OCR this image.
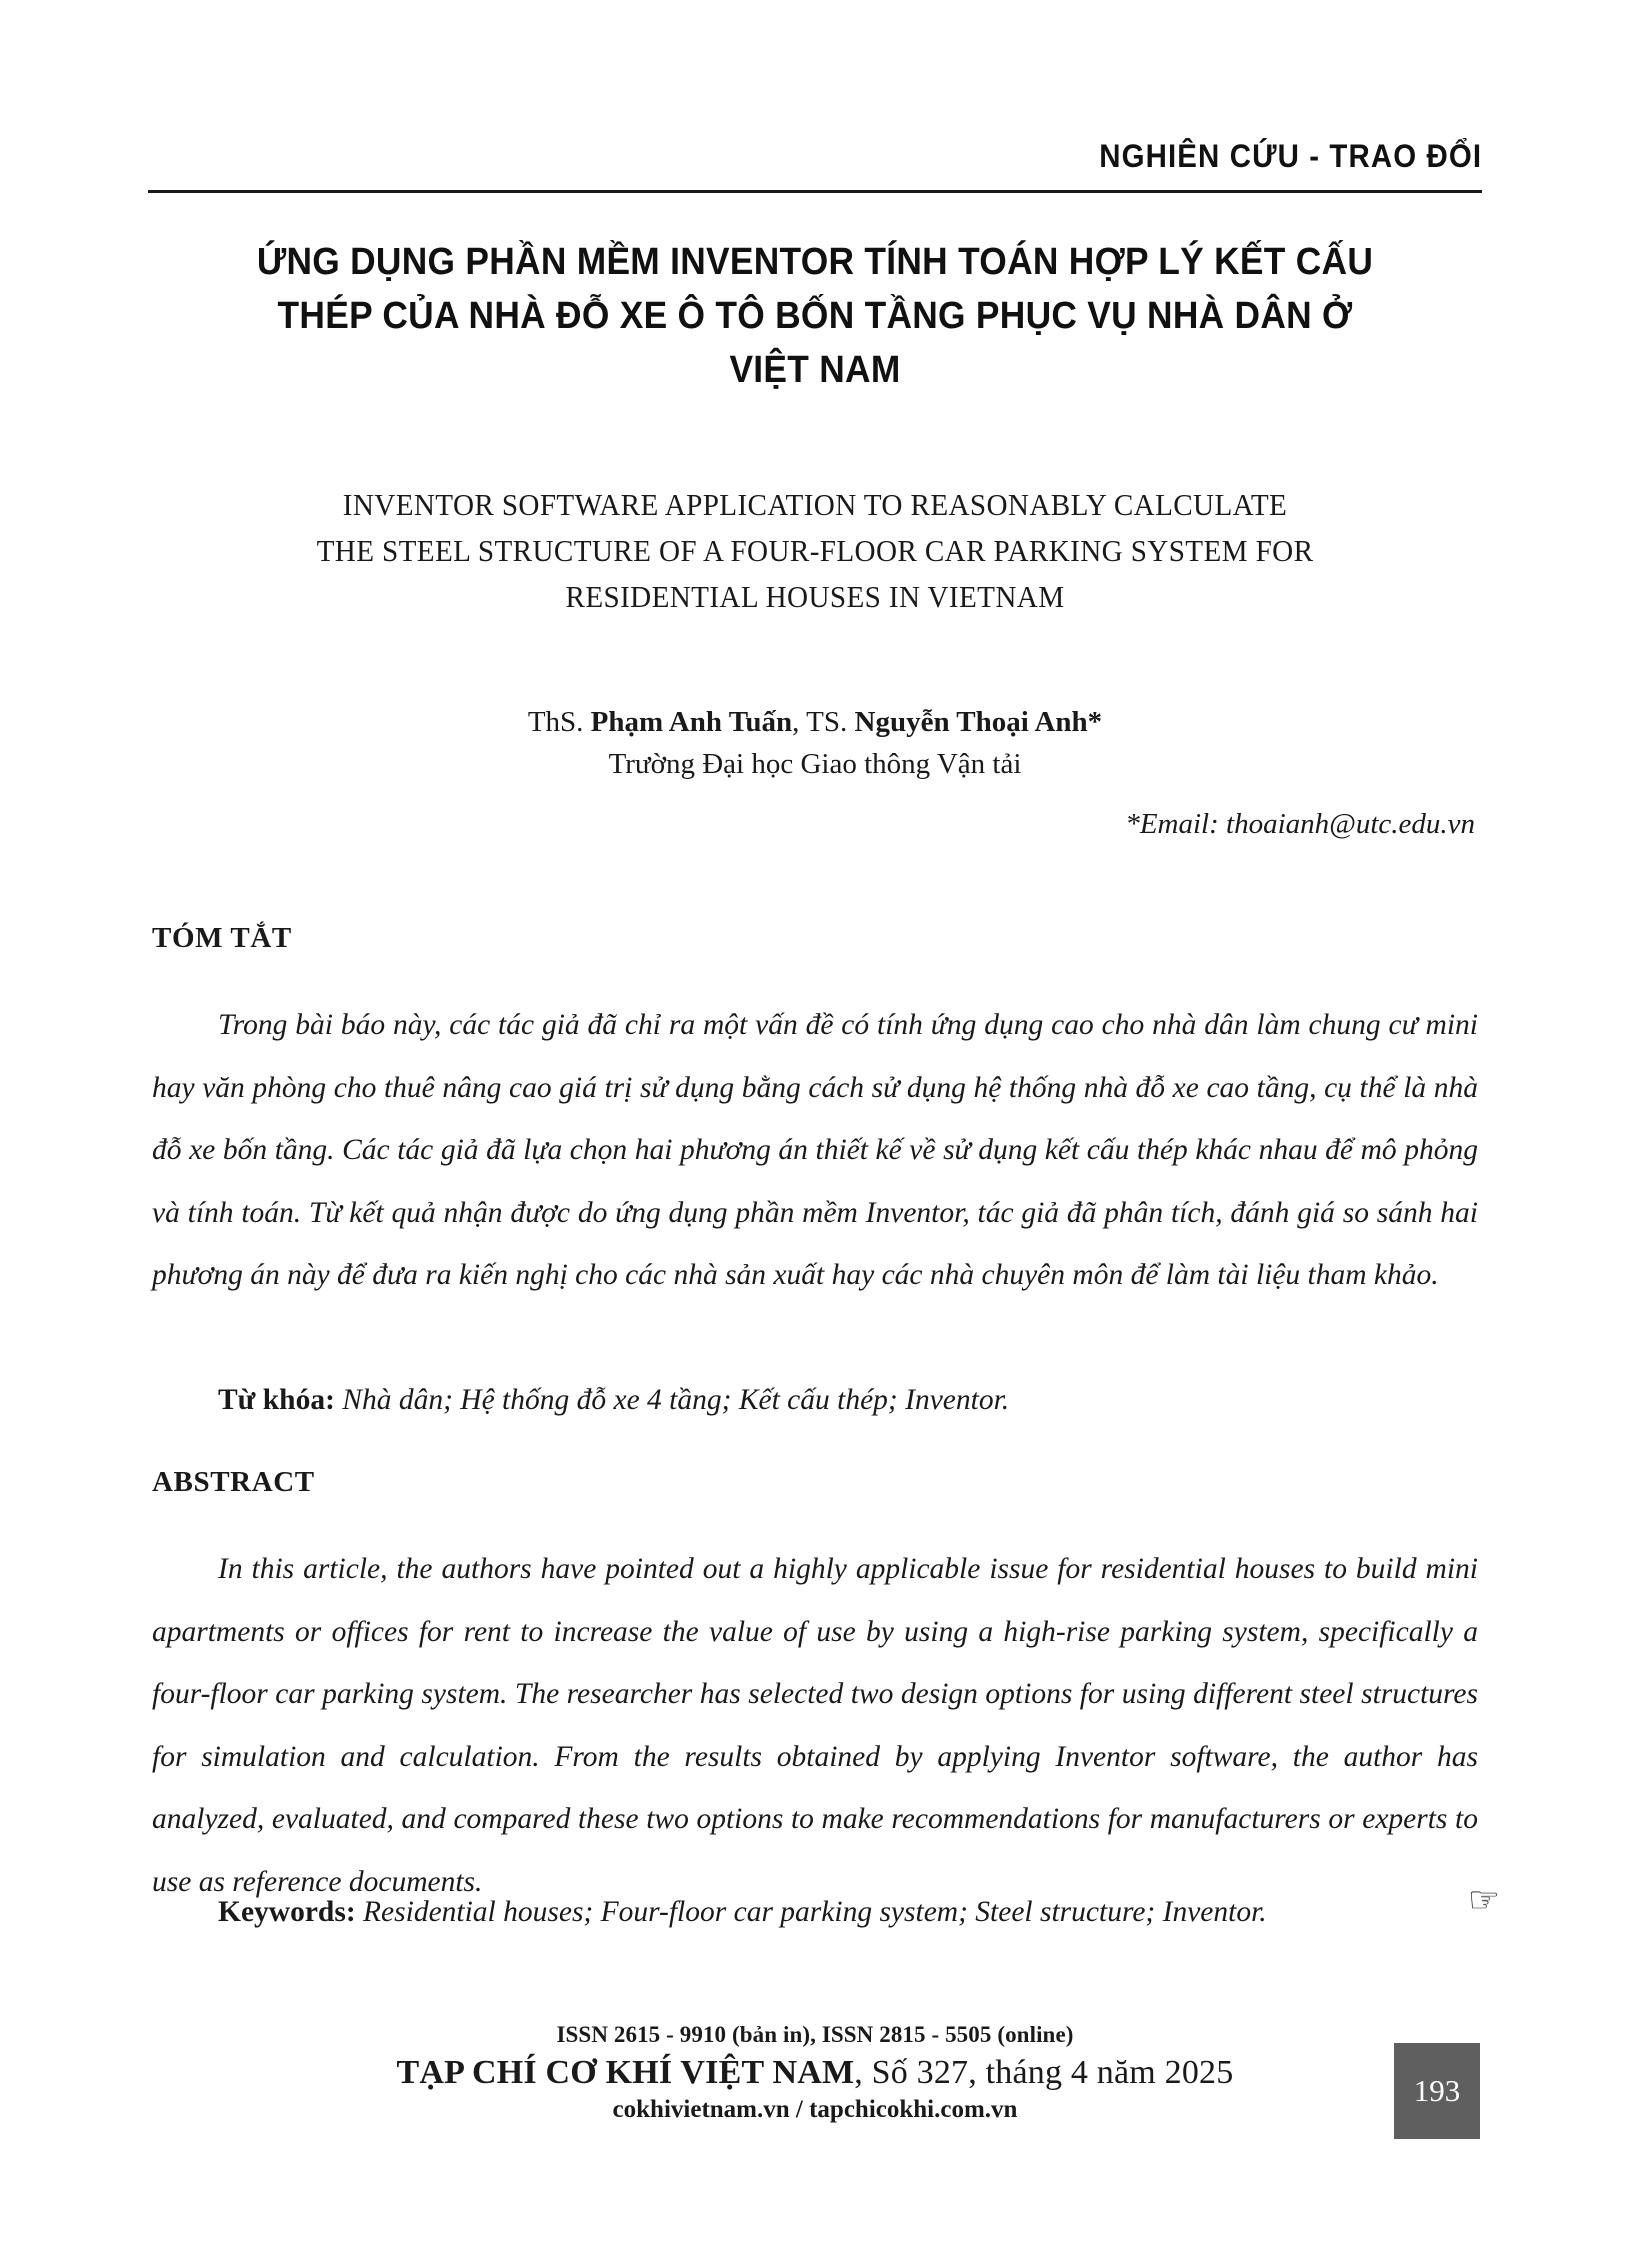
NGHIÊN CỨU - TRAO ĐỔI
ỨNG DỤNG PHẦN MỀM INVENTOR TÍNH TOÁN HỢP LÝ KẾT CẤU
THÉP CỦA NHÀ ĐỖ XE Ô TÔ BỐN TẦNG PHỤC VỤ NHÀ DÂN Ở
VIỆT NAM
INVENTOR SOFTWARE APPLICATION TO REASONABLY CALCULATE
THE STEEL STRUCTURE OF A FOUR-FLOOR CAR PARKING SYSTEM FOR
RESIDENTIAL HOUSES IN VIETNAM
ThS. Phạm Anh Tuấn, TS. Nguyễn Thoại Anh*
Trường Đại học Giao thông Vận tải
*Email: thoaianh@utc.edu.vn
TÓM TẮT
Trong bài báo này, các tác giả đã chỉ ra một vấn đề có tính ứng dụng cao cho nhà dân làm chung cư mini hay văn phòng cho thuê nâng cao giá trị sử dụng bằng cách sử dụng hệ thống nhà đỗ xe cao tầng, cụ thể là nhà đỗ xe bốn tầng. Các tác giả đã lựa chọn hai phương án thiết kế về sử dụng kết cấu thép khác nhau để mô phỏng và tính toán. Từ kết quả nhận được do ứng dụng phần mềm Inventor, tác giả đã phân tích, đánh giá so sánh hai phương án này để đưa ra kiến nghị cho các nhà sản xuất hay các nhà chuyên môn để làm tài liệu tham khảo.
Từ khóa: Nhà dân; Hệ thống đỗ xe 4 tầng; Kết cấu thép; Inventor.
ABSTRACT
In this article, the authors have pointed out a highly applicable issue for residential houses to build mini apartments or offices for rent to increase the value of use by using a high-rise parking system, specifically a four-floor car parking system. The researcher has selected two design options for using different steel structures for simulation and calculation. From the results obtained by applying Inventor software, the author has analyzed, evaluated, and compared these two options to make recommendations for manufacturers or experts to use as reference documents.
Keywords: Residential houses; Four-floor car parking system; Steel structure; Inventor.	☞
ISSN 2615 - 9910 (bản in), ISSN 2815 - 5505 (online)
TẠP CHÍ CƠ KHÍ VIỆT NAM, Số 327, tháng 4 năm 2025
cokhivietnam.vn / tapchicokhi.com.vn
193
